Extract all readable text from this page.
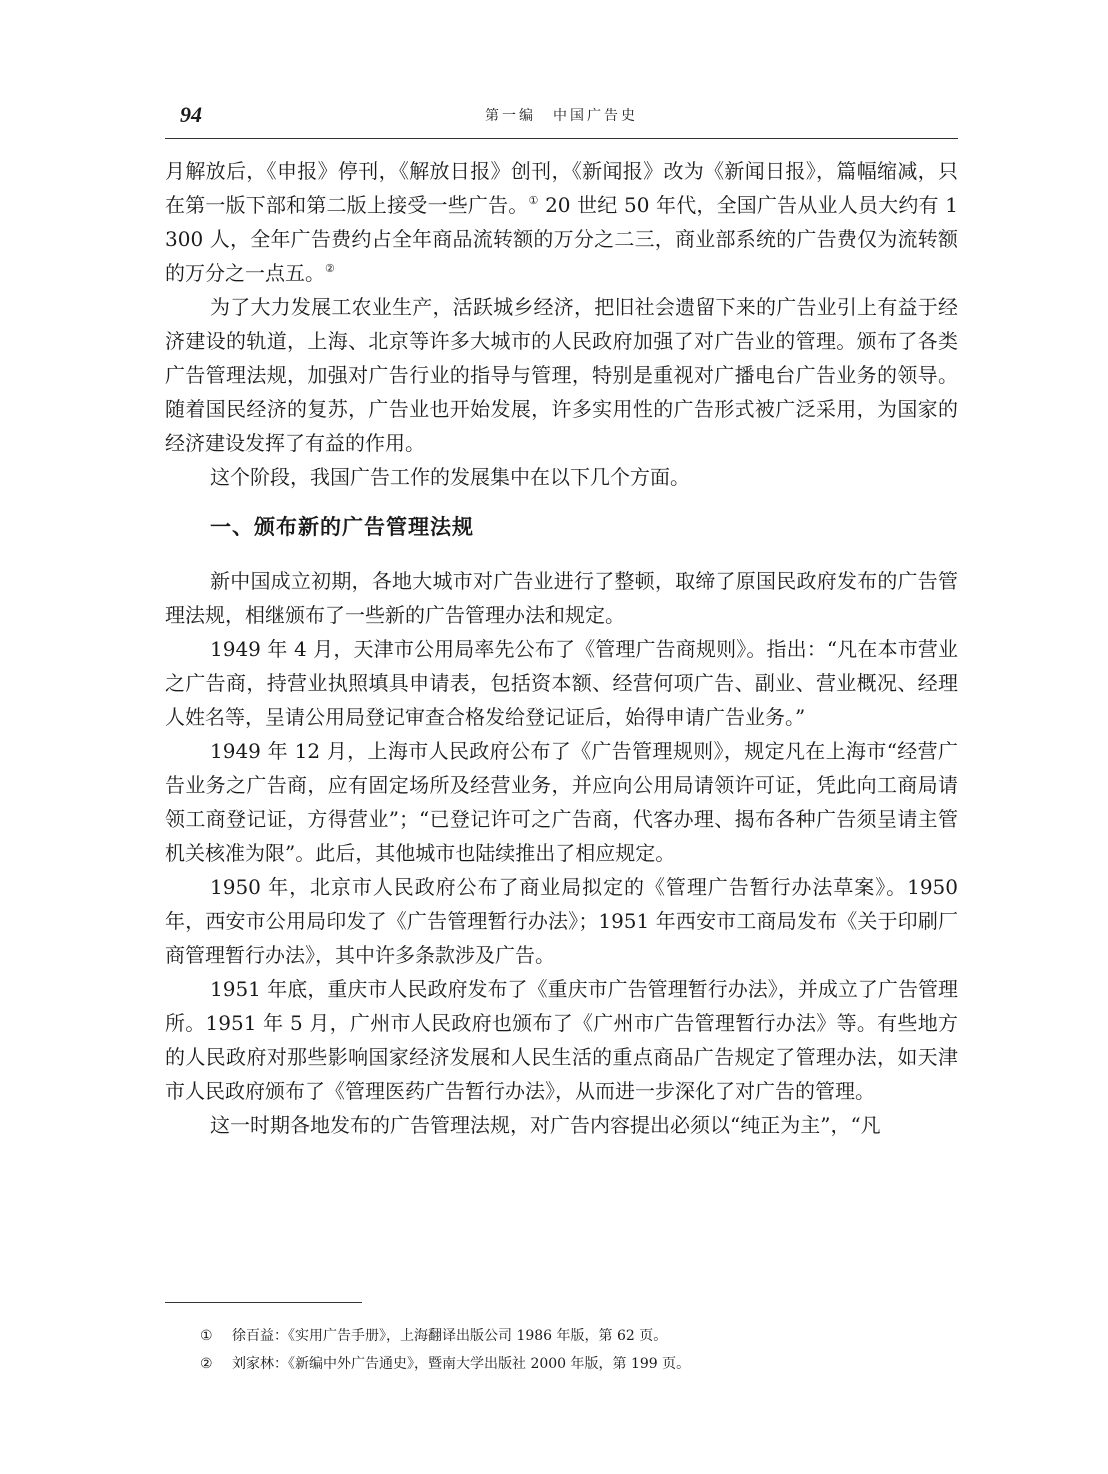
94	第一编　中国广告史

月解放后，《申报》停刊，《解放日报》创刊，《新闻报》改为《新闻日报》，篇幅缩减，只在第一版下部和第二版上接受一些广告。① 20 世纪 50 年代，全国广告从业人员大约有 1 300 人，全年广告费约占全年商品流转额的万分之二三，商业部系统的广告费仅为流转额的万分之一点五。②

为了大力发展工农业生产，活跃城乡经济，把旧社会遗留下来的广告业引上有益于经济建设的轨道，上海、北京等许多大城市的人民政府加强了对广告业的管理。颁布了各类广告管理法规，加强对广告行业的指导与管理，特别是重视对广播电台广告业务的领导。随着国民经济的复苏，广告业也开始发展，许多实用性的广告形式被广泛采用，为国家的经济建设发挥了有益的作用。

这个阶段，我国广告工作的发展集中在以下几个方面。

一、颁布新的广告管理法规

新中国成立初期，各地大城市对广告业进行了整顿，取缔了原国民政府发布的广告管理法规，相继颁布了一些新的广告管理办法和规定。

1949 年 4 月，天津市公用局率先公布了《管理广告商规则》。指出：“凡在本市营业之广告商，持营业执照填具申请表，包括资本额、经营何项广告、副业、营业概况、经理人姓名等，呈请公用局登记审查合格发给登记证后，始得申请广告业务。”

1949 年 12 月，上海市人民政府公布了《广告管理规则》，规定凡在上海市“经营广告业务之广告商，应有固定场所及经营业务，并应向公用局请领许可证，凭此向工商局请领工商登记证，方得营业”；“已登记许可之广告商，代客办理、揭布各种广告须呈请主管机关核准为限”。此后，其他城市也陆续推出了相应规定。

1950 年，北京市人民政府公布了商业局拟定的《管理广告暂行办法草案》。1950 年，西安市公用局印发了《广告管理暂行办法》；1951 年西安市工商局发布《关于印刷厂商管理暂行办法》，其中许多条款涉及广告。

1951 年底，重庆市人民政府发布了《重庆市广告管理暂行办法》，并成立了广告管理所。1951 年 5 月，广州市人民政府也颁布了《广州市广告管理暂行办法》等。有些地方的人民政府对那些影响国家经济发展和人民生活的重点商品广告规定了管理办法，如天津市人民政府颁布了《管理医药广告暂行办法》，从而进一步深化了对广告的管理。

这一时期各地发布的广告管理法规，对广告内容提出必须以“纯正为主”，“凡

①	徐百益：《实用广告手册》，上海翻译出版公司 1986 年版，第 62 页。
②	刘家林：《新编中外广告通史》，暨南大学出版社 2000 年版，第 199 页。
